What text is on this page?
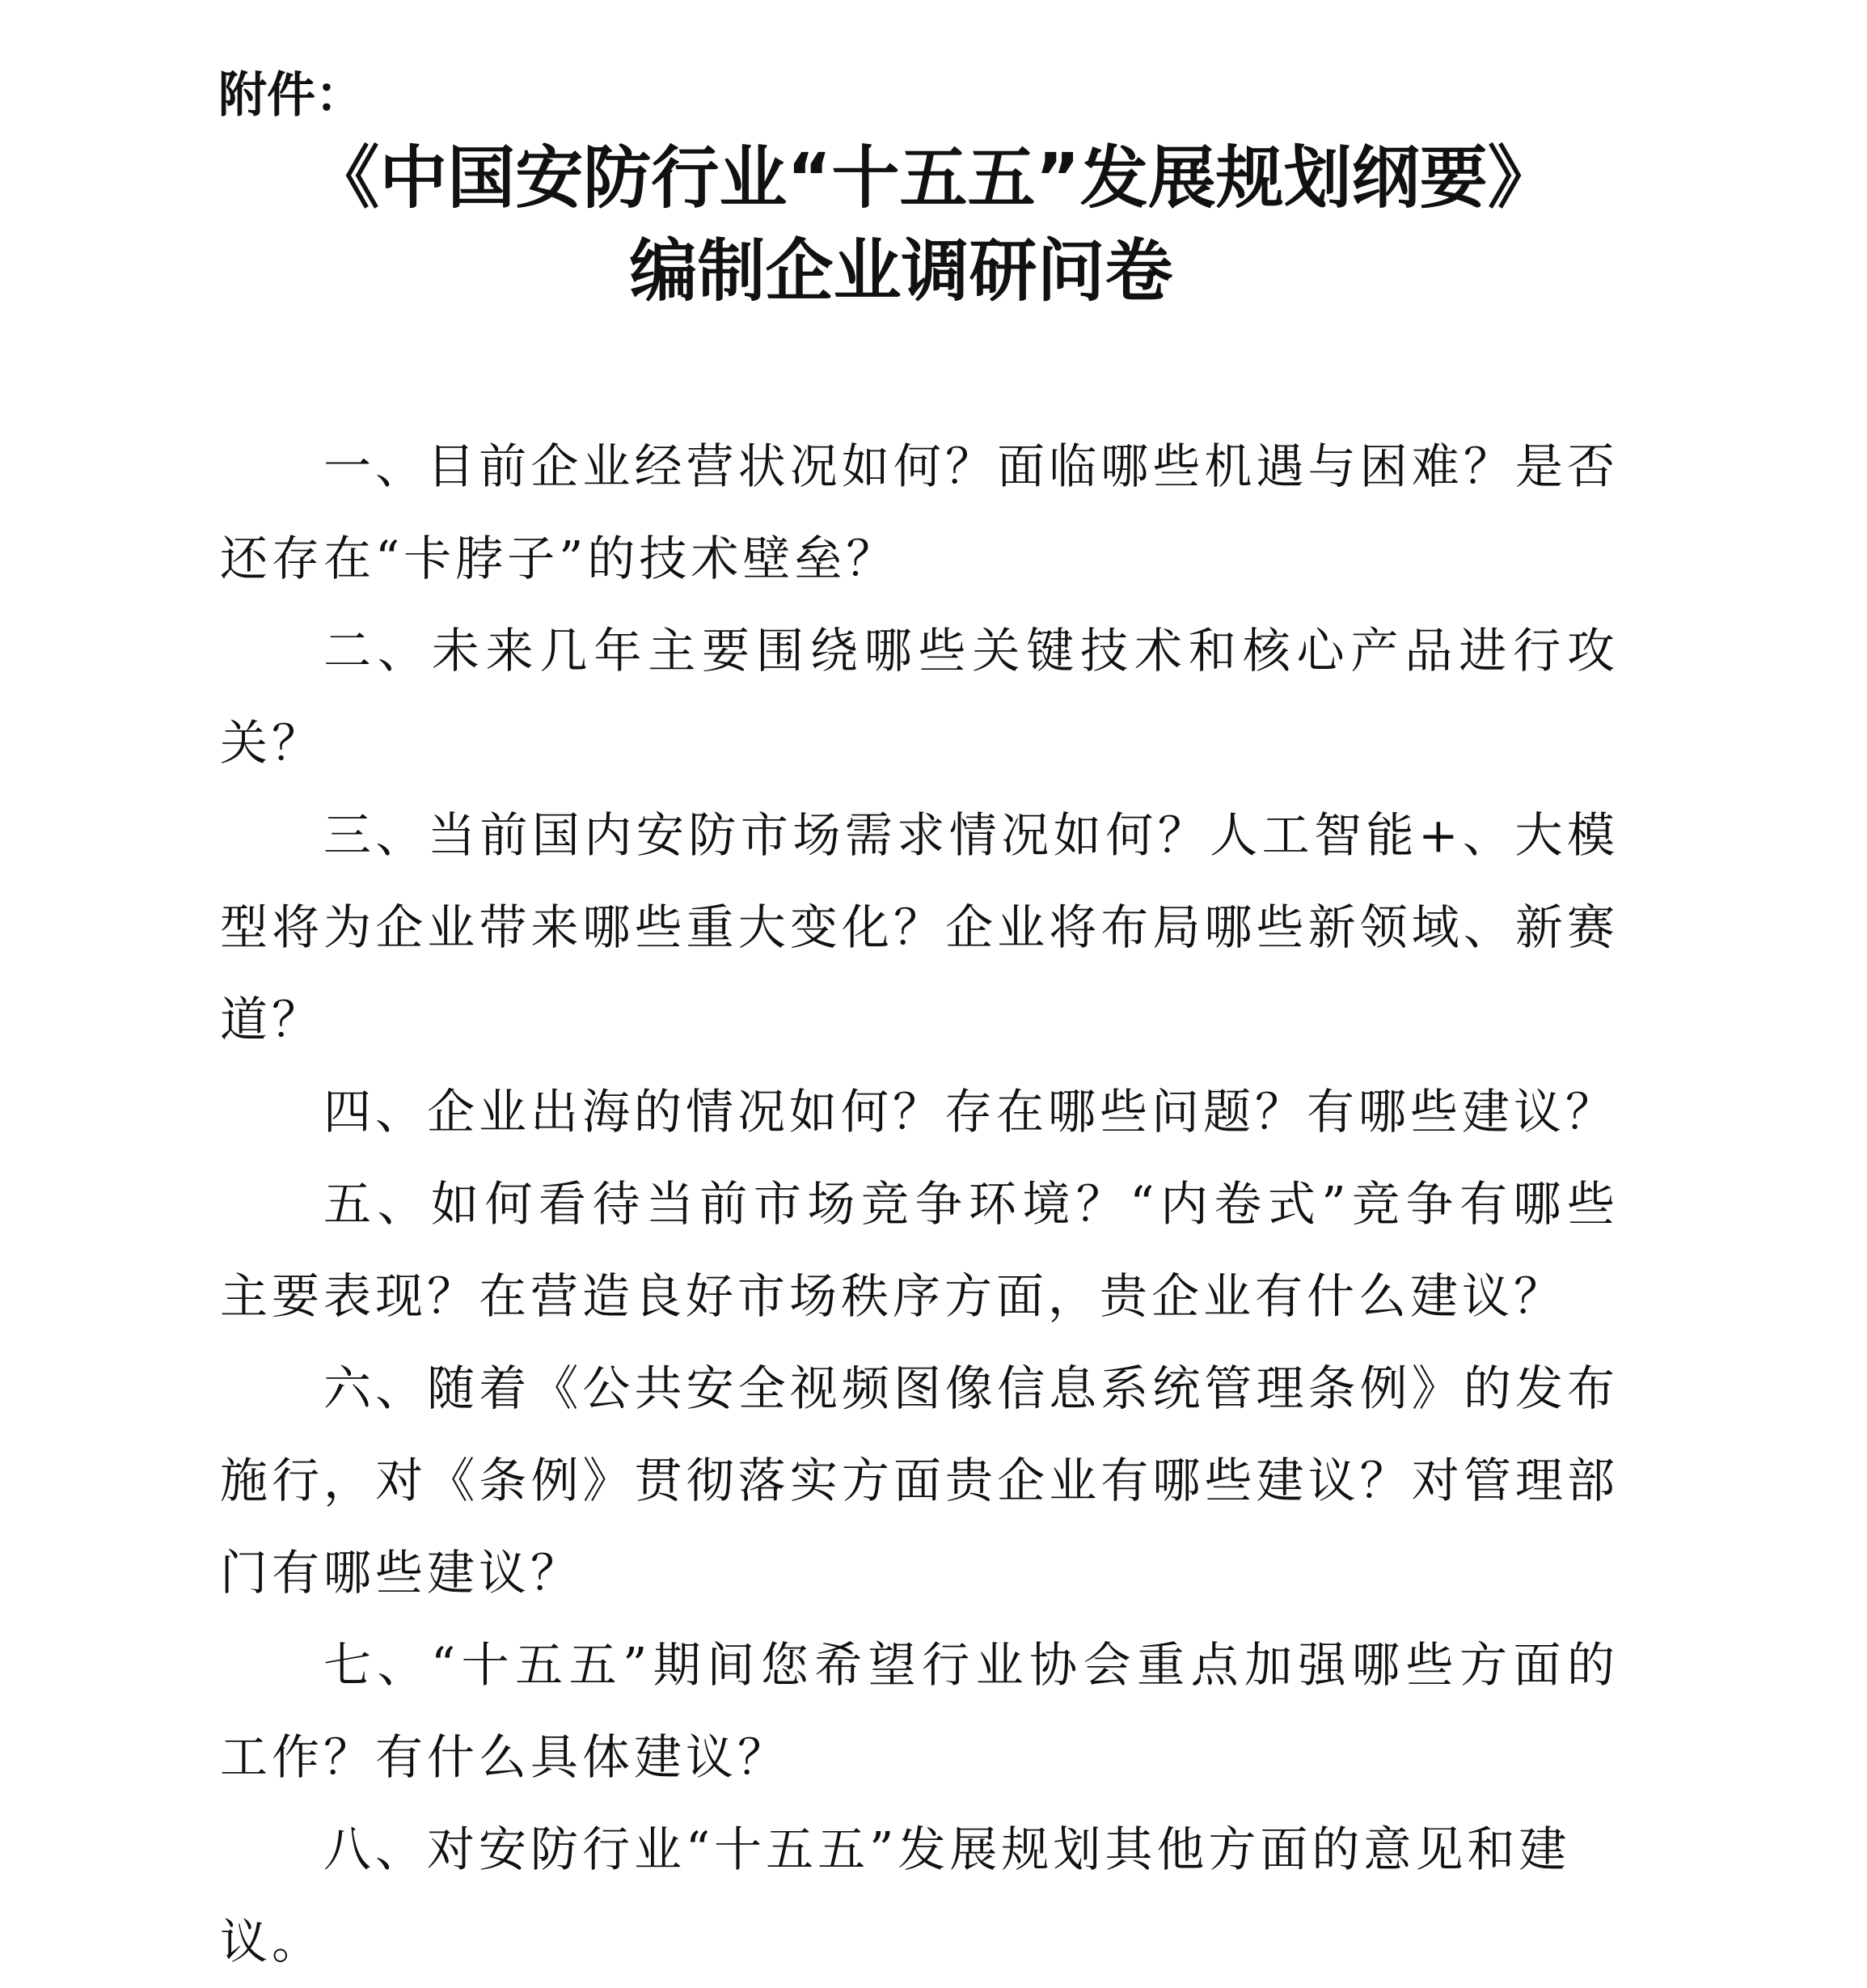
附件：
《中国安防行业“十五五”发展规划纲要》
编制企业调研问卷

一、目前企业经营状况如何？面临哪些机遇与困难？是否还存在“卡脖子”的技术壁垒？

二、未来几年主要围绕哪些关键技术和核心产品进行攻关？

三、当前国内安防市场需求情况如何？人工智能+、大模型将为企业带来哪些重大变化？企业将布局哪些新领域、新赛道？

四、企业出海的情况如何？存在哪些问题？有哪些建议？

五、如何看待当前市场竞争环境？“内卷式”竞争有哪些主要表现？在营造良好市场秩序方面，贵企业有什么建议？

六、随着《公共安全视频图像信息系统管理条例》的发布施行，对《条例》贯彻落实方面贵企业有哪些建议？对管理部门有哪些建议？

七、“十五五”期间您希望行业协会重点加强哪些方面的工作？有什么具体建议？

八、对安防行业“十五五”发展规划其他方面的意见和建议。
